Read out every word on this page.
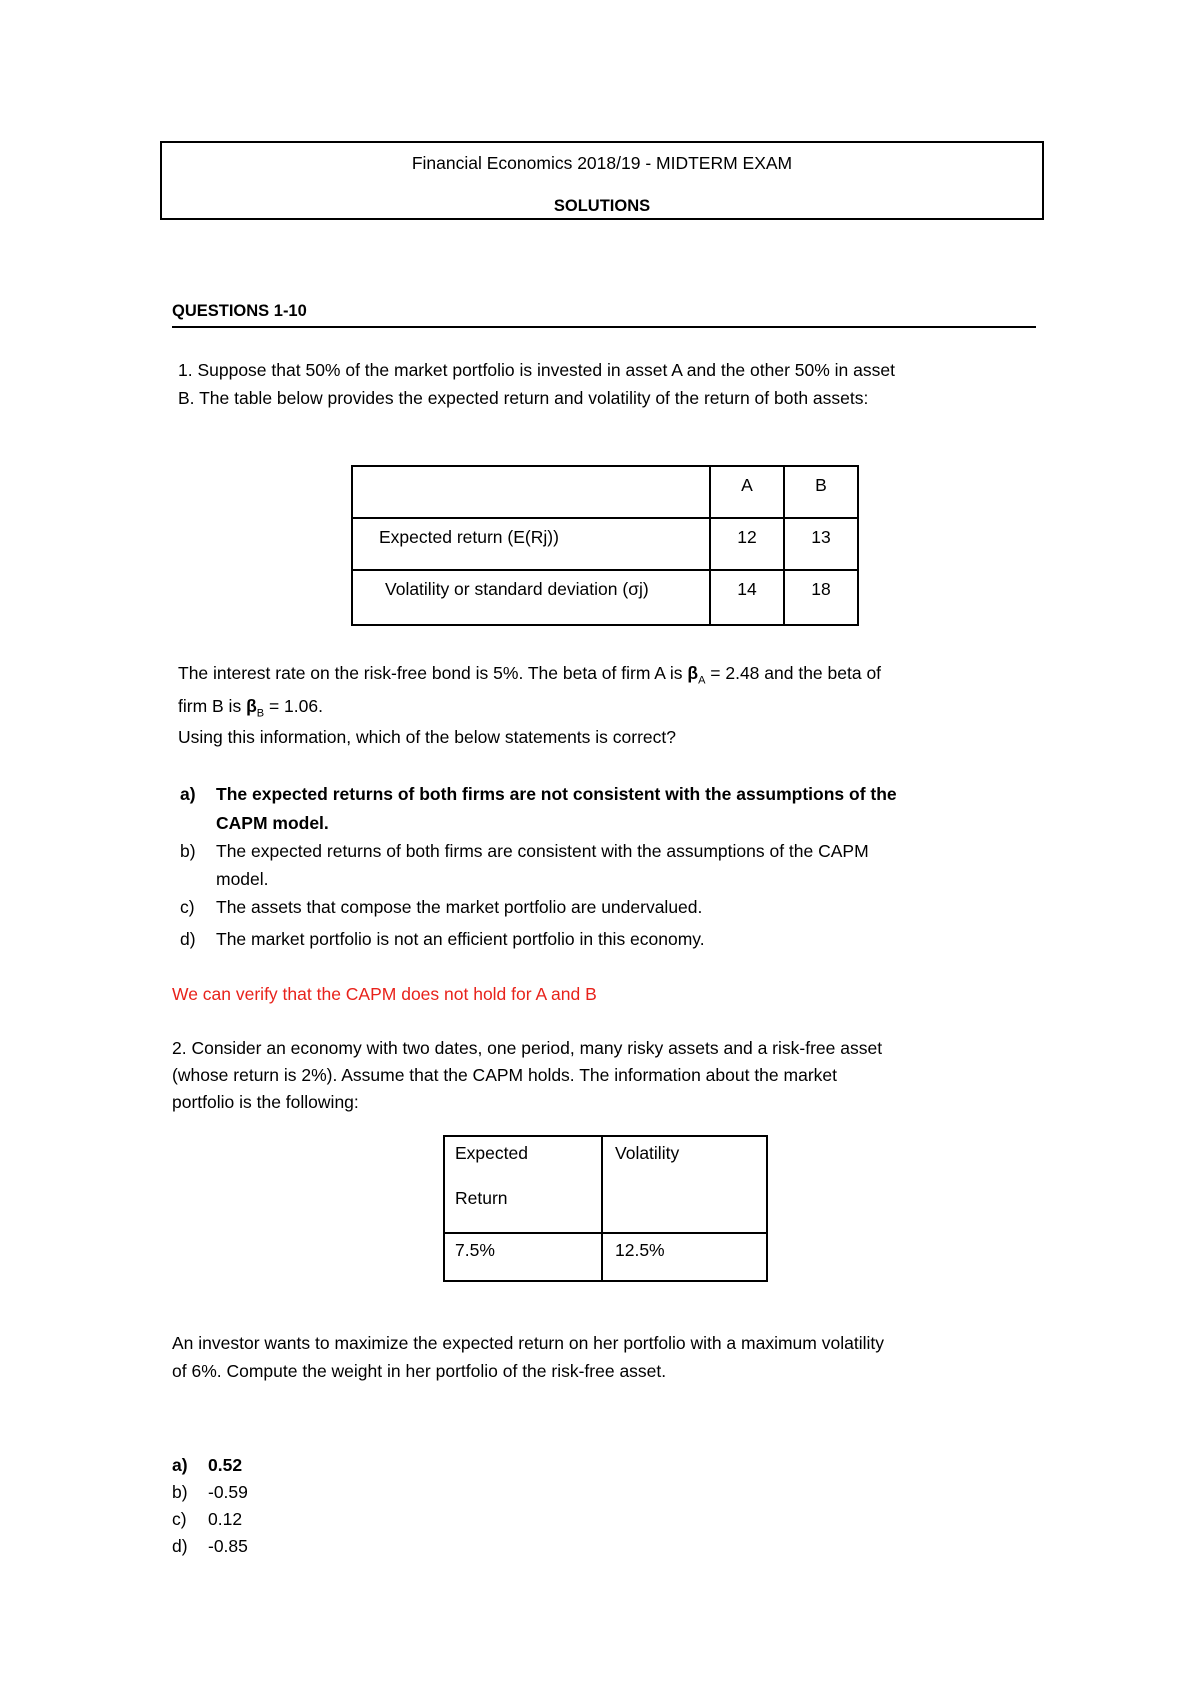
Financial Economics 2018/19 - MIDTERM EXAM
SOLUTIONS
QUESTIONS 1-10
1. Suppose that 50% of the market portfolio is invested in asset A and the other 50% in asset
B. The table below provides the expected return and volatility of the return of both assets:
	A	B
Expected return (E(Rj))	12	13
Volatility or standard deviation (σj)	14	18
The interest rate on the risk-free bond is 5%. The beta of firm A is $\beta_A = 2.48$ and the beta of
firm B is $\beta_B = 1.06$.
Using this information, which of the below statements is correct?
a) The expected returns of both firms are not consistent with the assumptions of the
CAPM model.
b) The expected returns of both firms are consistent with the assumptions of the CAPM
model.
c) The assets that compose the market portfolio are undervalued.
d) The market portfolio is not an efficient portfolio in this economy.
We can verify that the CAPM does not hold for A and B
2. Consider an economy with two dates, one period, many risky assets and a risk-free asset
(whose return is 2%). Assume that the CAPM holds. The information about the market
portfolio is the following:
Expected
Return	Volatility
7.5%	12.5%
An investor wants to maximize the expected return on her portfolio with a maximum volatility
of 6%. Compute the weight in her portfolio of the risk-free asset.
a) 0.52
b) -0.59
c) 0.12
d) -0.85
